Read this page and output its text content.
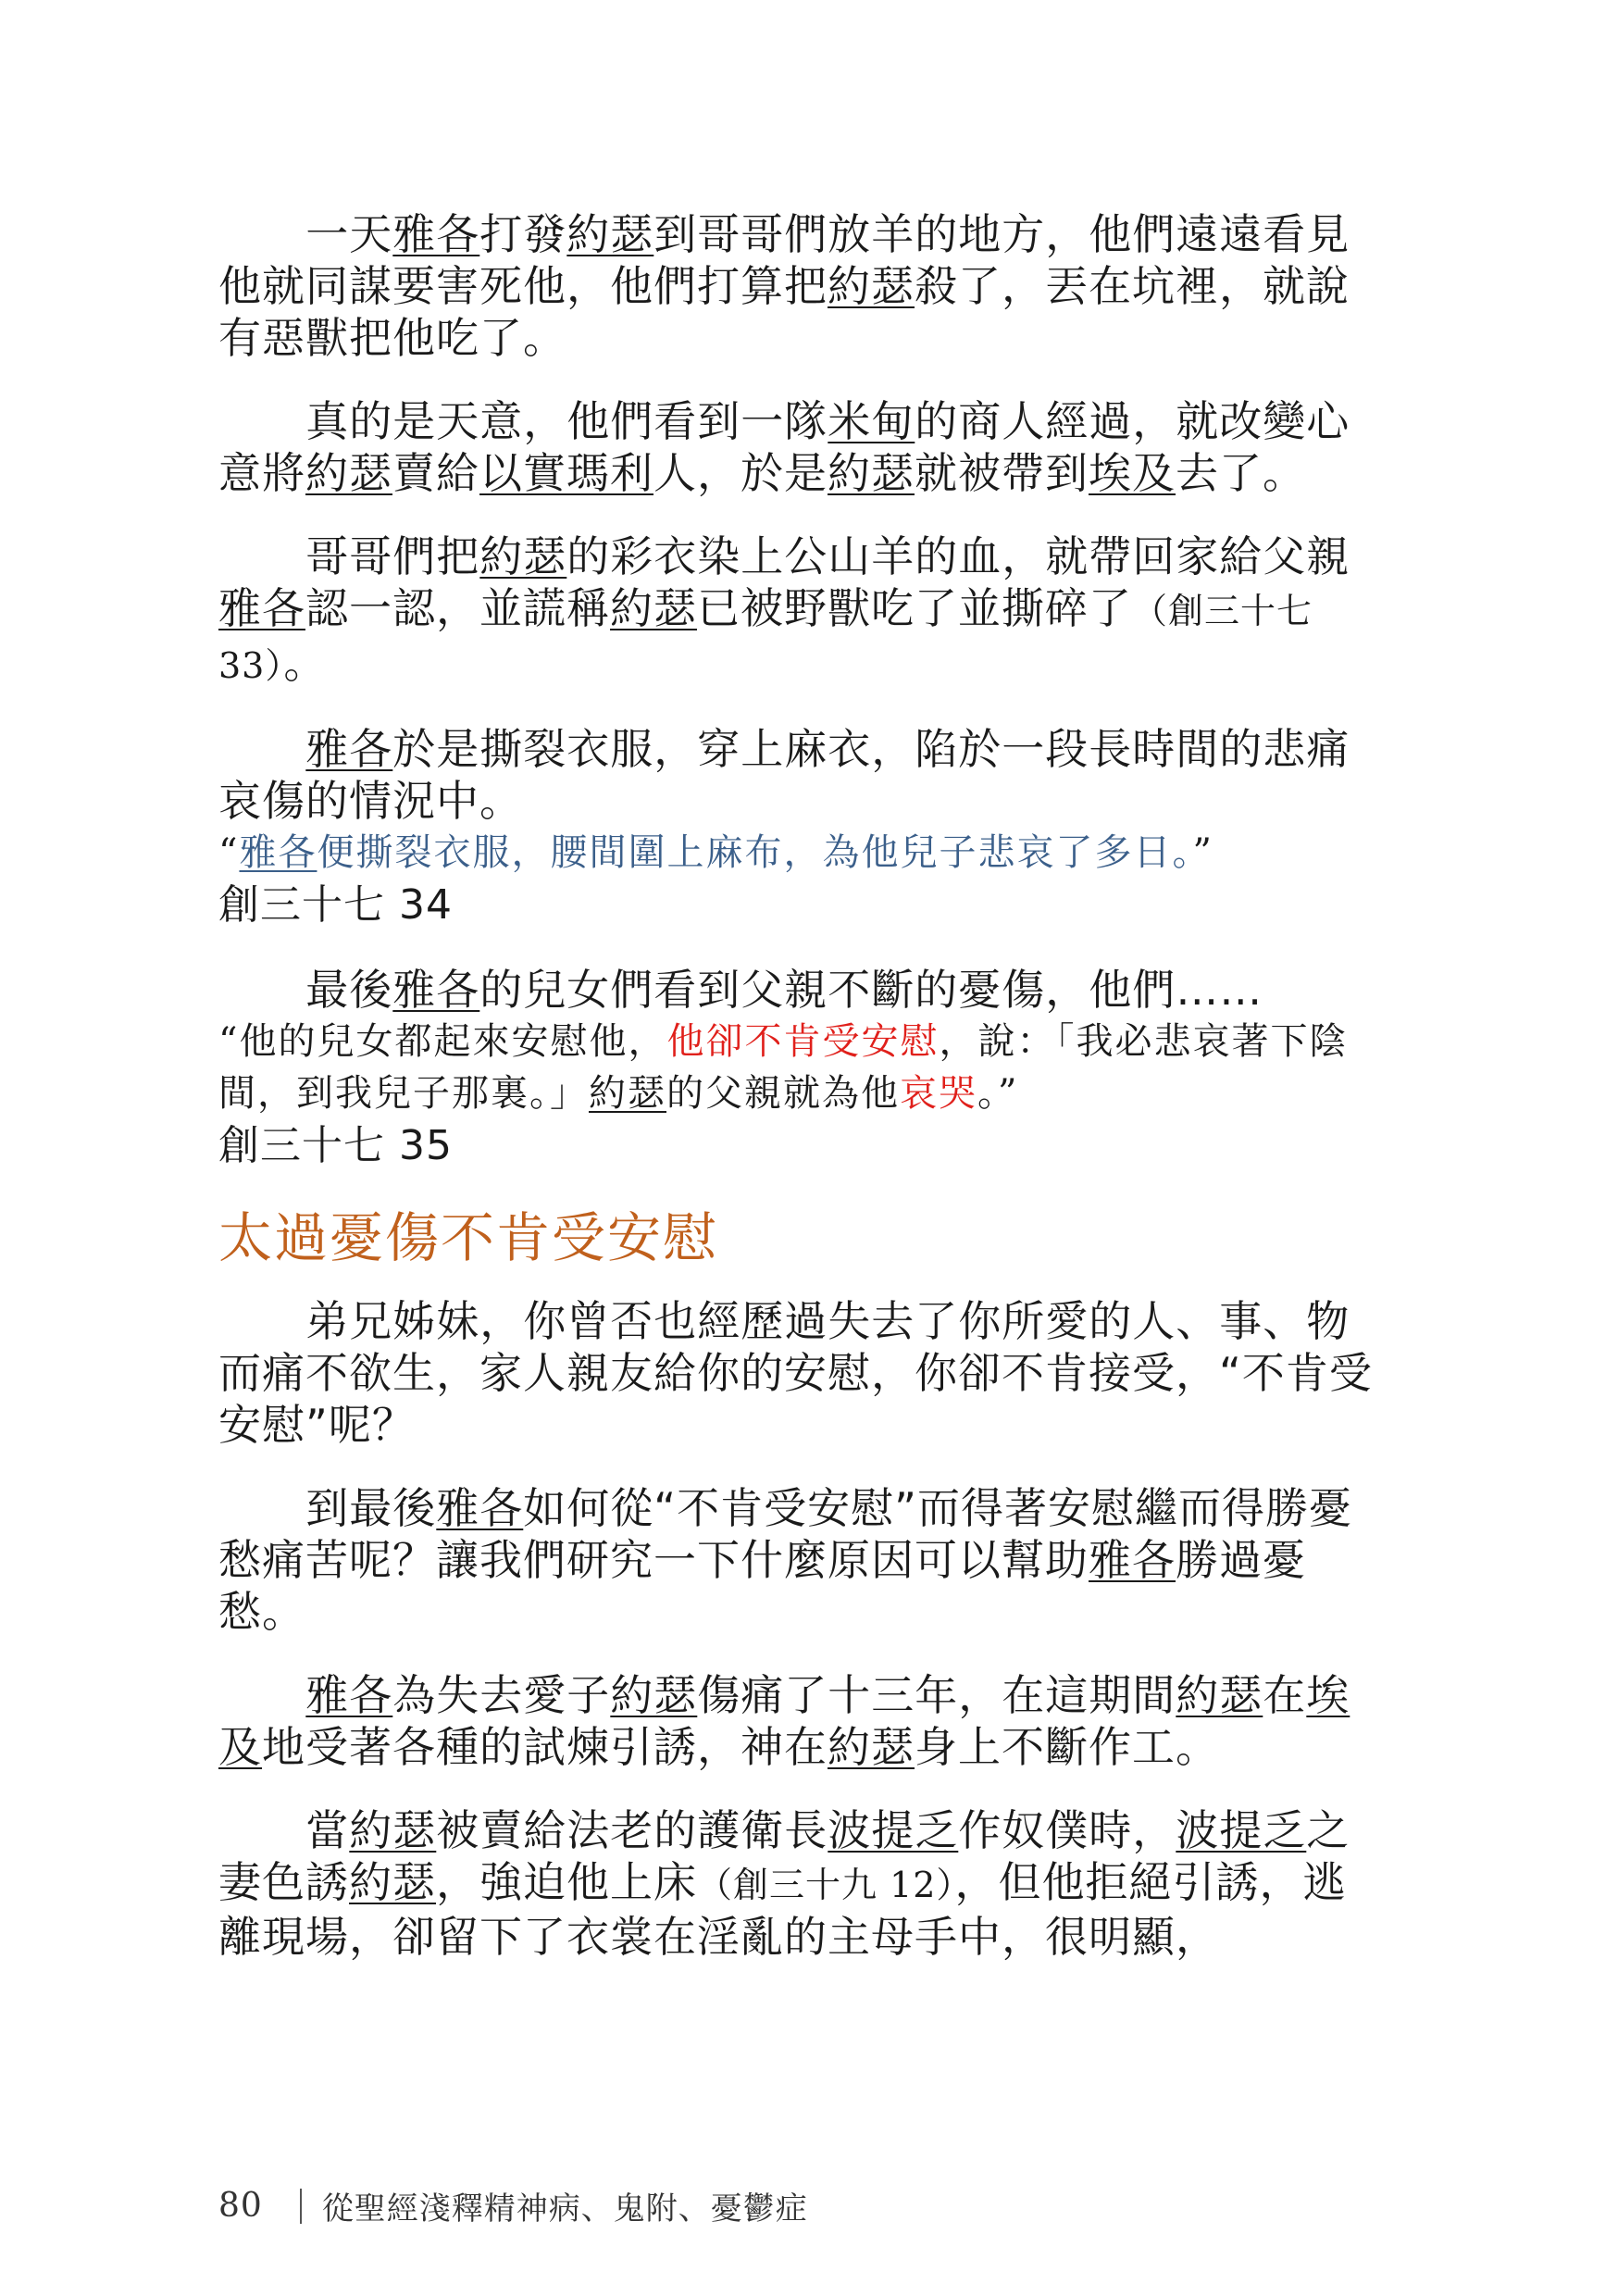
一天雅各打發約瑟到哥哥們放羊的地方，他們遠遠看見他就同謀要害死他，他們打算把約瑟殺了，丟在坑裡，就說有惡獸把他吃了。

真的是天意，他們看到一隊米甸的商人經過，就改變心意將約瑟賣給以實瑪利人，於是約瑟就被帶到埃及去了。

哥哥們把約瑟的彩衣染上公山羊的血，就帶回家給父親雅各認一認，並謊稱約瑟已被野獸吃了並撕碎了（創三十七 33）。

雅各於是撕裂衣服，穿上麻衣，陷於一段長時間的悲痛哀傷的情況中。

“雅各便撕裂衣服，腰間圍上麻布，為他兒子悲哀了多日。”

創三十七 34

最後雅各的兒女們看到父親不斷的憂傷，他們……

“他的兒女都起來安慰他，他卻不肯受安慰，說：「我必悲哀著下陰間，到我兒子那裏。」約瑟的父親就為他哀哭。”

創三十七 35

太過憂傷不肯受安慰

弟兄姊妹，你曾否也經歷過失去了你所愛的人、事、物而痛不欲生，家人親友給你的安慰，你卻不肯接受，“不肯受安慰”呢？

到最後雅各如何從“不肯受安慰”而得著安慰繼而得勝憂愁痛苦呢？讓我們研究一下什麼原因可以幫助雅各勝過憂愁。

雅各為失去愛子約瑟傷痛了十三年，在這期間約瑟在埃及地受著各種的試煉引誘，神在約瑟身上不斷作工。

當約瑟被賣給法老的護衛長波提乏作奴僕時，波提乏之妻色誘約瑟，強迫他上床（創三十九 12），但他拒絕引誘，逃離現場，卻留下了衣裳在淫亂的主母手中，很明顯，

80 從聖經淺釋精神病、鬼附、憂鬱症
